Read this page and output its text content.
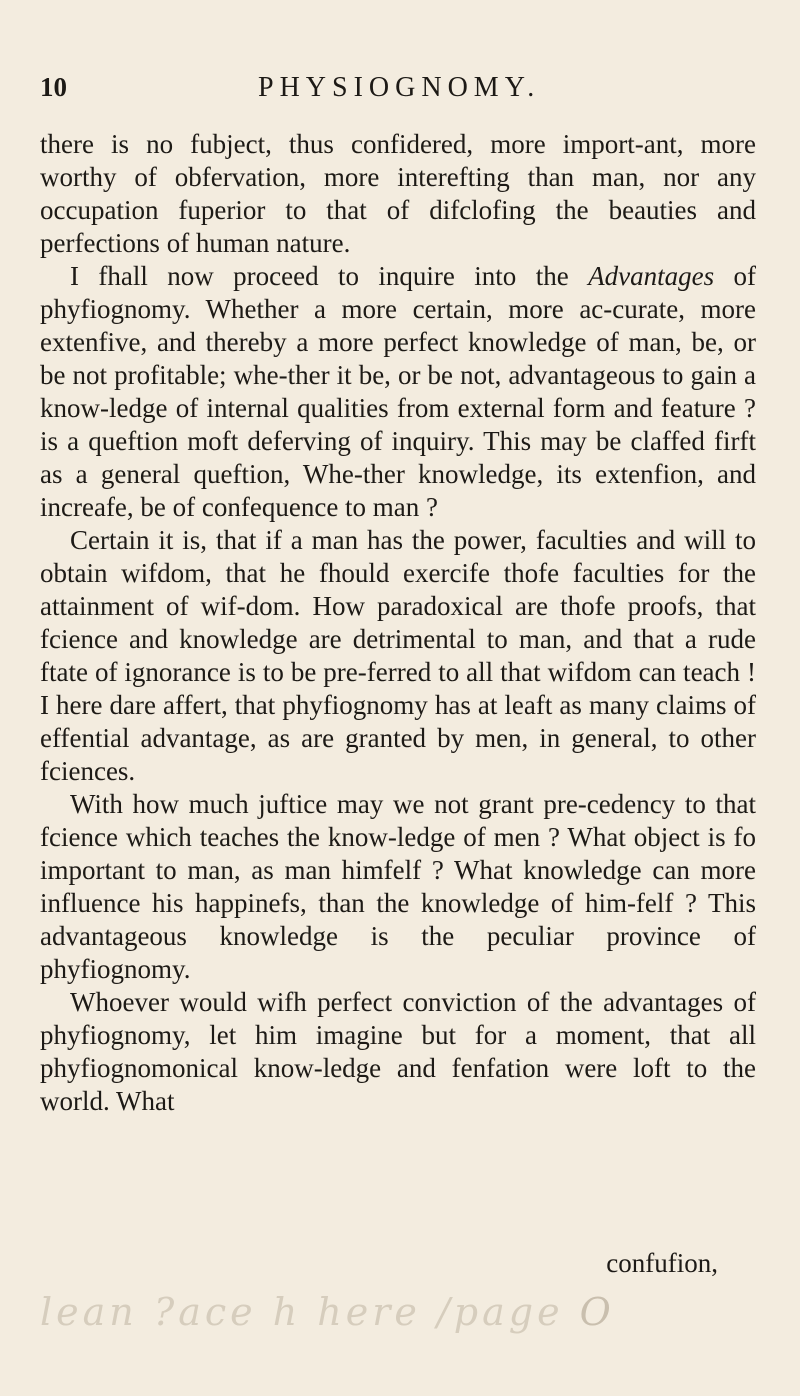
10	PHYSIOGNOMY.

there is no fubject, thus confidered, more import-ant, more worthy of obfervation, more interefting than man, nor any occupation fuperior to that of difclofing the beauties and perfections of human nature.

I fhall now proceed to inquire into the Advantages of phyfiognomy. Whether a more certain, more ac-curate, more extenfive, and thereby a more perfect knowledge of man, be, or be not profitable; whe-ther it be, or be not, advantageous to gain a know-ledge of internal qualities from external form and feature ? is a queftion moft deferving of inquiry. This may be claffed firft as a general queftion, Whe-ther knowledge, its extenfion, and increafe, be of confequence to man ?

Certain it is, that if a man has the power, faculties and will to obtain wifdom, that he fhould exercife thofe faculties for the attainment of wif-dom. How paradoxical are thofe proofs, that fcience and knowledge are detrimental to man, and that a rude ftate of ignorance is to be pre-ferred to all that wifdom can teach ! I here dare affert, that phyfiognomy has at leaft as many claims of effential advantage, as are granted by men, in general, to other fciences.

With how much juftice may we not grant pre-cedency to that fcience which teaches the know-ledge of men ? What object is fo important to man, as man himfelf ? What knowledge can more influence his happinefs, than the knowledge of him-felf ? This advantageous knowledge is the peculiar province of phyfiognomy.

Whoever would wifh perfect conviction of the advantages of phyfiognomy, let him imagine but for a moment, that all phyfiognomonical know-ledge and fenfation were loft to the world. What

confufion,
lean ?ace h here /page O
